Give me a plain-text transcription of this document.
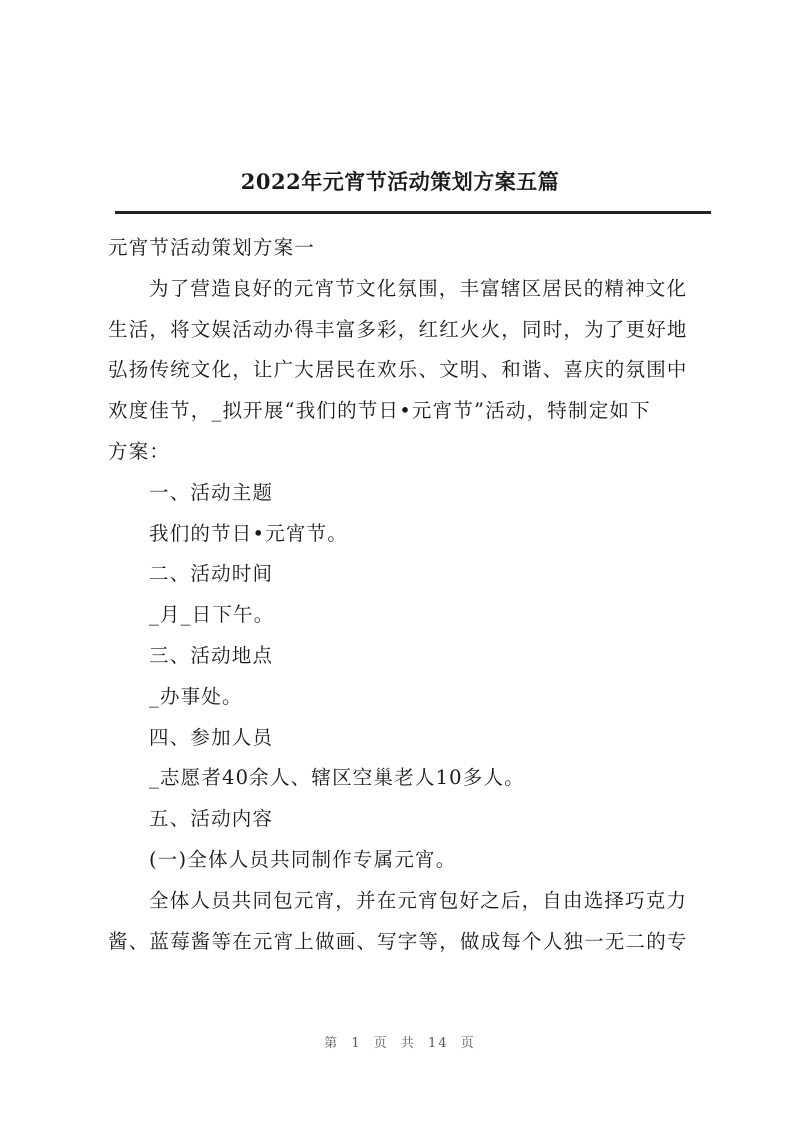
2022年元宵节活动策划方案五篇

元宵节活动策划方案一

为了营造良好的元宵节文化氛围，丰富辖区居民的精神文化

生活，将文娱活动办得丰富多彩，红红火火，同时，为了更好地

弘扬传统文化，让广大居民在欢乐、文明、和谐、喜庆的氛围中

欢度佳节，_拟开展“我们的节日•元宵节”活动，特制定如下

方案：

一、活动主题

我们的节日•元宵节。

二、活动时间

_月_日下午。

三、活动地点

_办事处。

四、参加人员

_志愿者40余人、辖区空巢老人10多人。

五、活动内容

(一)全体人员共同制作专属元宵。

全体人员共同包元宵，并在元宵包好之后，自由选择巧克力

酱、蓝莓酱等在元宵上做画、写字等，做成每个人独一无二的专

第 1 页 共 14 页
